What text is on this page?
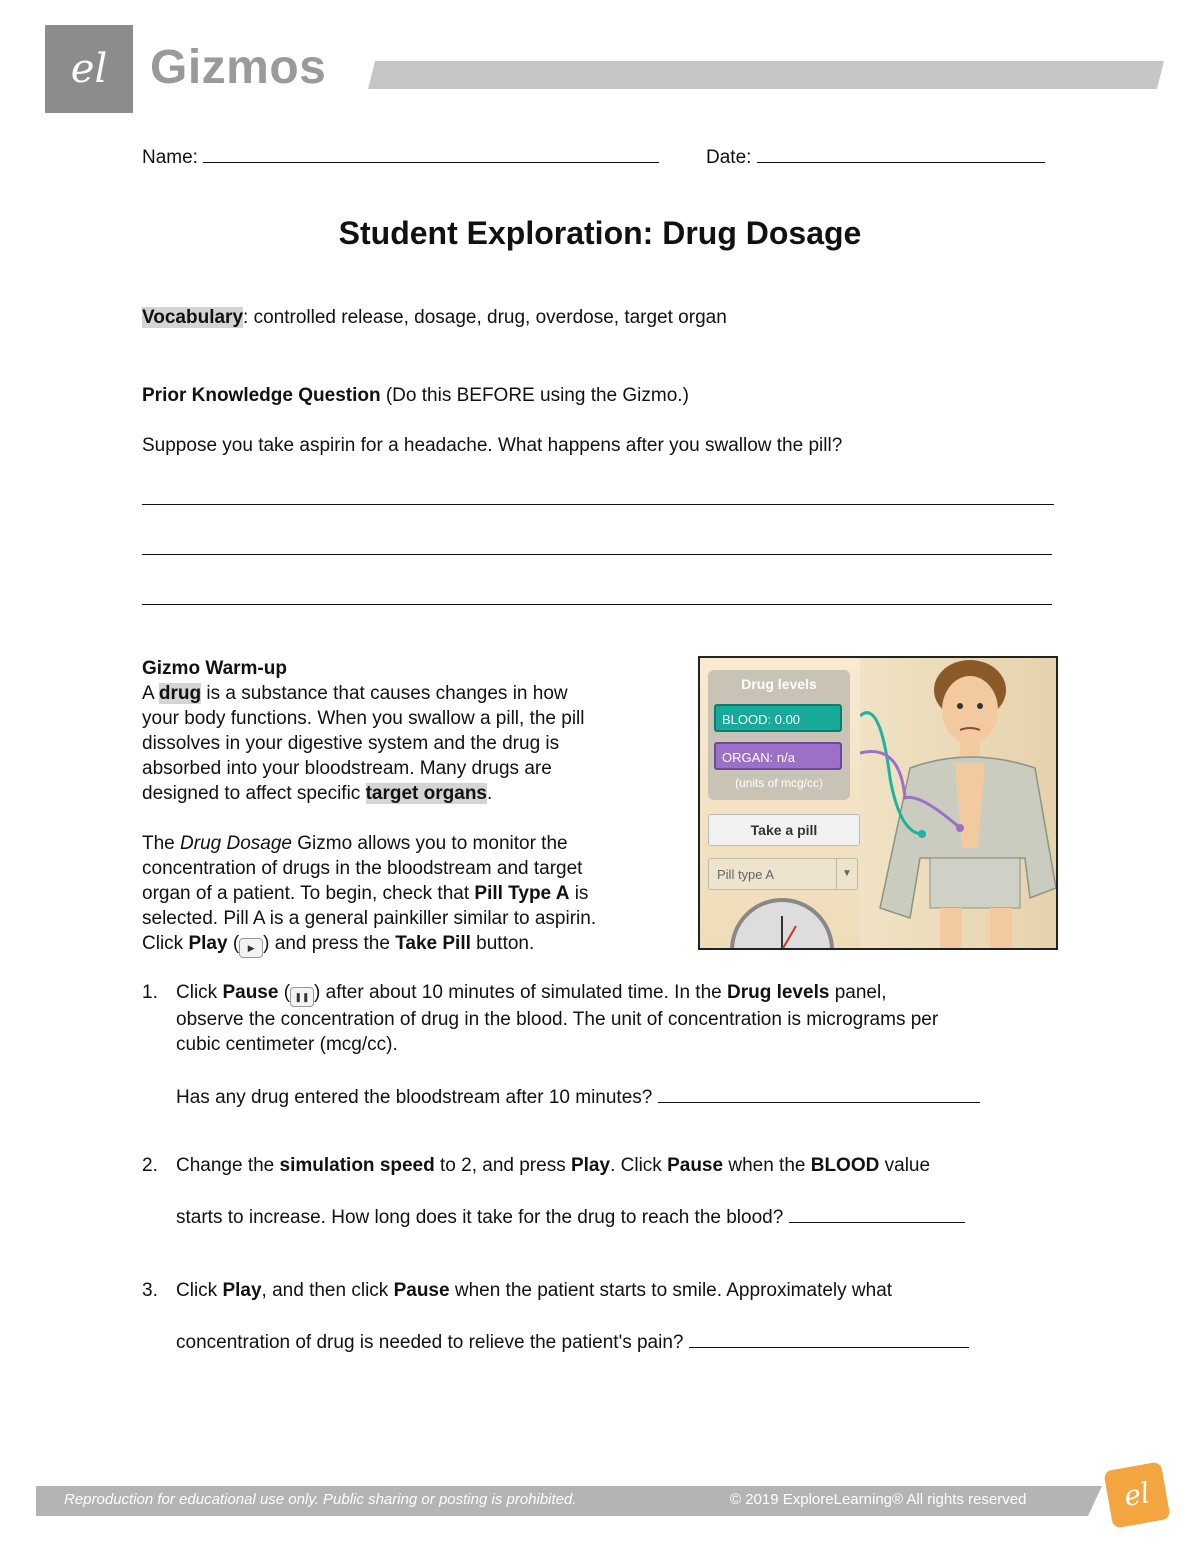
el Gizmos
Name:	Date:
Student Exploration: Drug Dosage
Vocabulary: controlled release, dosage, drug, overdose, target organ
Prior Knowledge Question (Do this BEFORE using the Gizmo.)
Suppose you take aspirin for a headache. What happens after you swallow the pill?
Gizmo Warm-up
A drug is a substance that causes changes in how
your body functions. When you swallow a pill, the pill
dissolves in your digestive system and the drug is
absorbed into your bloodstream. Many drugs are
designed to affect specific target organs.
The Drug Dosage Gizmo allows you to monitor the
concentration of drugs in the bloodstream and target
organ of a patient. To begin, check that Pill Type A is
selected. Pill A is a general painkiller similar to aspirin.
Click Play ( ▶ ) and press the Take Pill button.
Drug levels
BLOOD: 0.00
ORGAN: n/a
(units of mcg/cc)
Take a pill
Pill type A	▼
1. Click Pause ( ❚❚ ) after about 10 minutes of simulated time. In the Drug levels panel,
observe the concentration of drug in the blood. The unit of concentration is micrograms per
cubic centimeter (mcg/cc).
Has any drug entered the bloodstream after 10 minutes?
2. Change the simulation speed to 2, and press Play. Click Pause when the BLOOD value
starts to increase. How long does it take for the drug to reach the blood?
3. Click Play, and then click Pause when the patient starts to smile. Approximately what
concentration of drug is needed to relieve the patient's pain?
Reproduction for educational use only. Public sharing or posting is prohibited.	© 2019 ExploreLearning® All rights reserved	el
